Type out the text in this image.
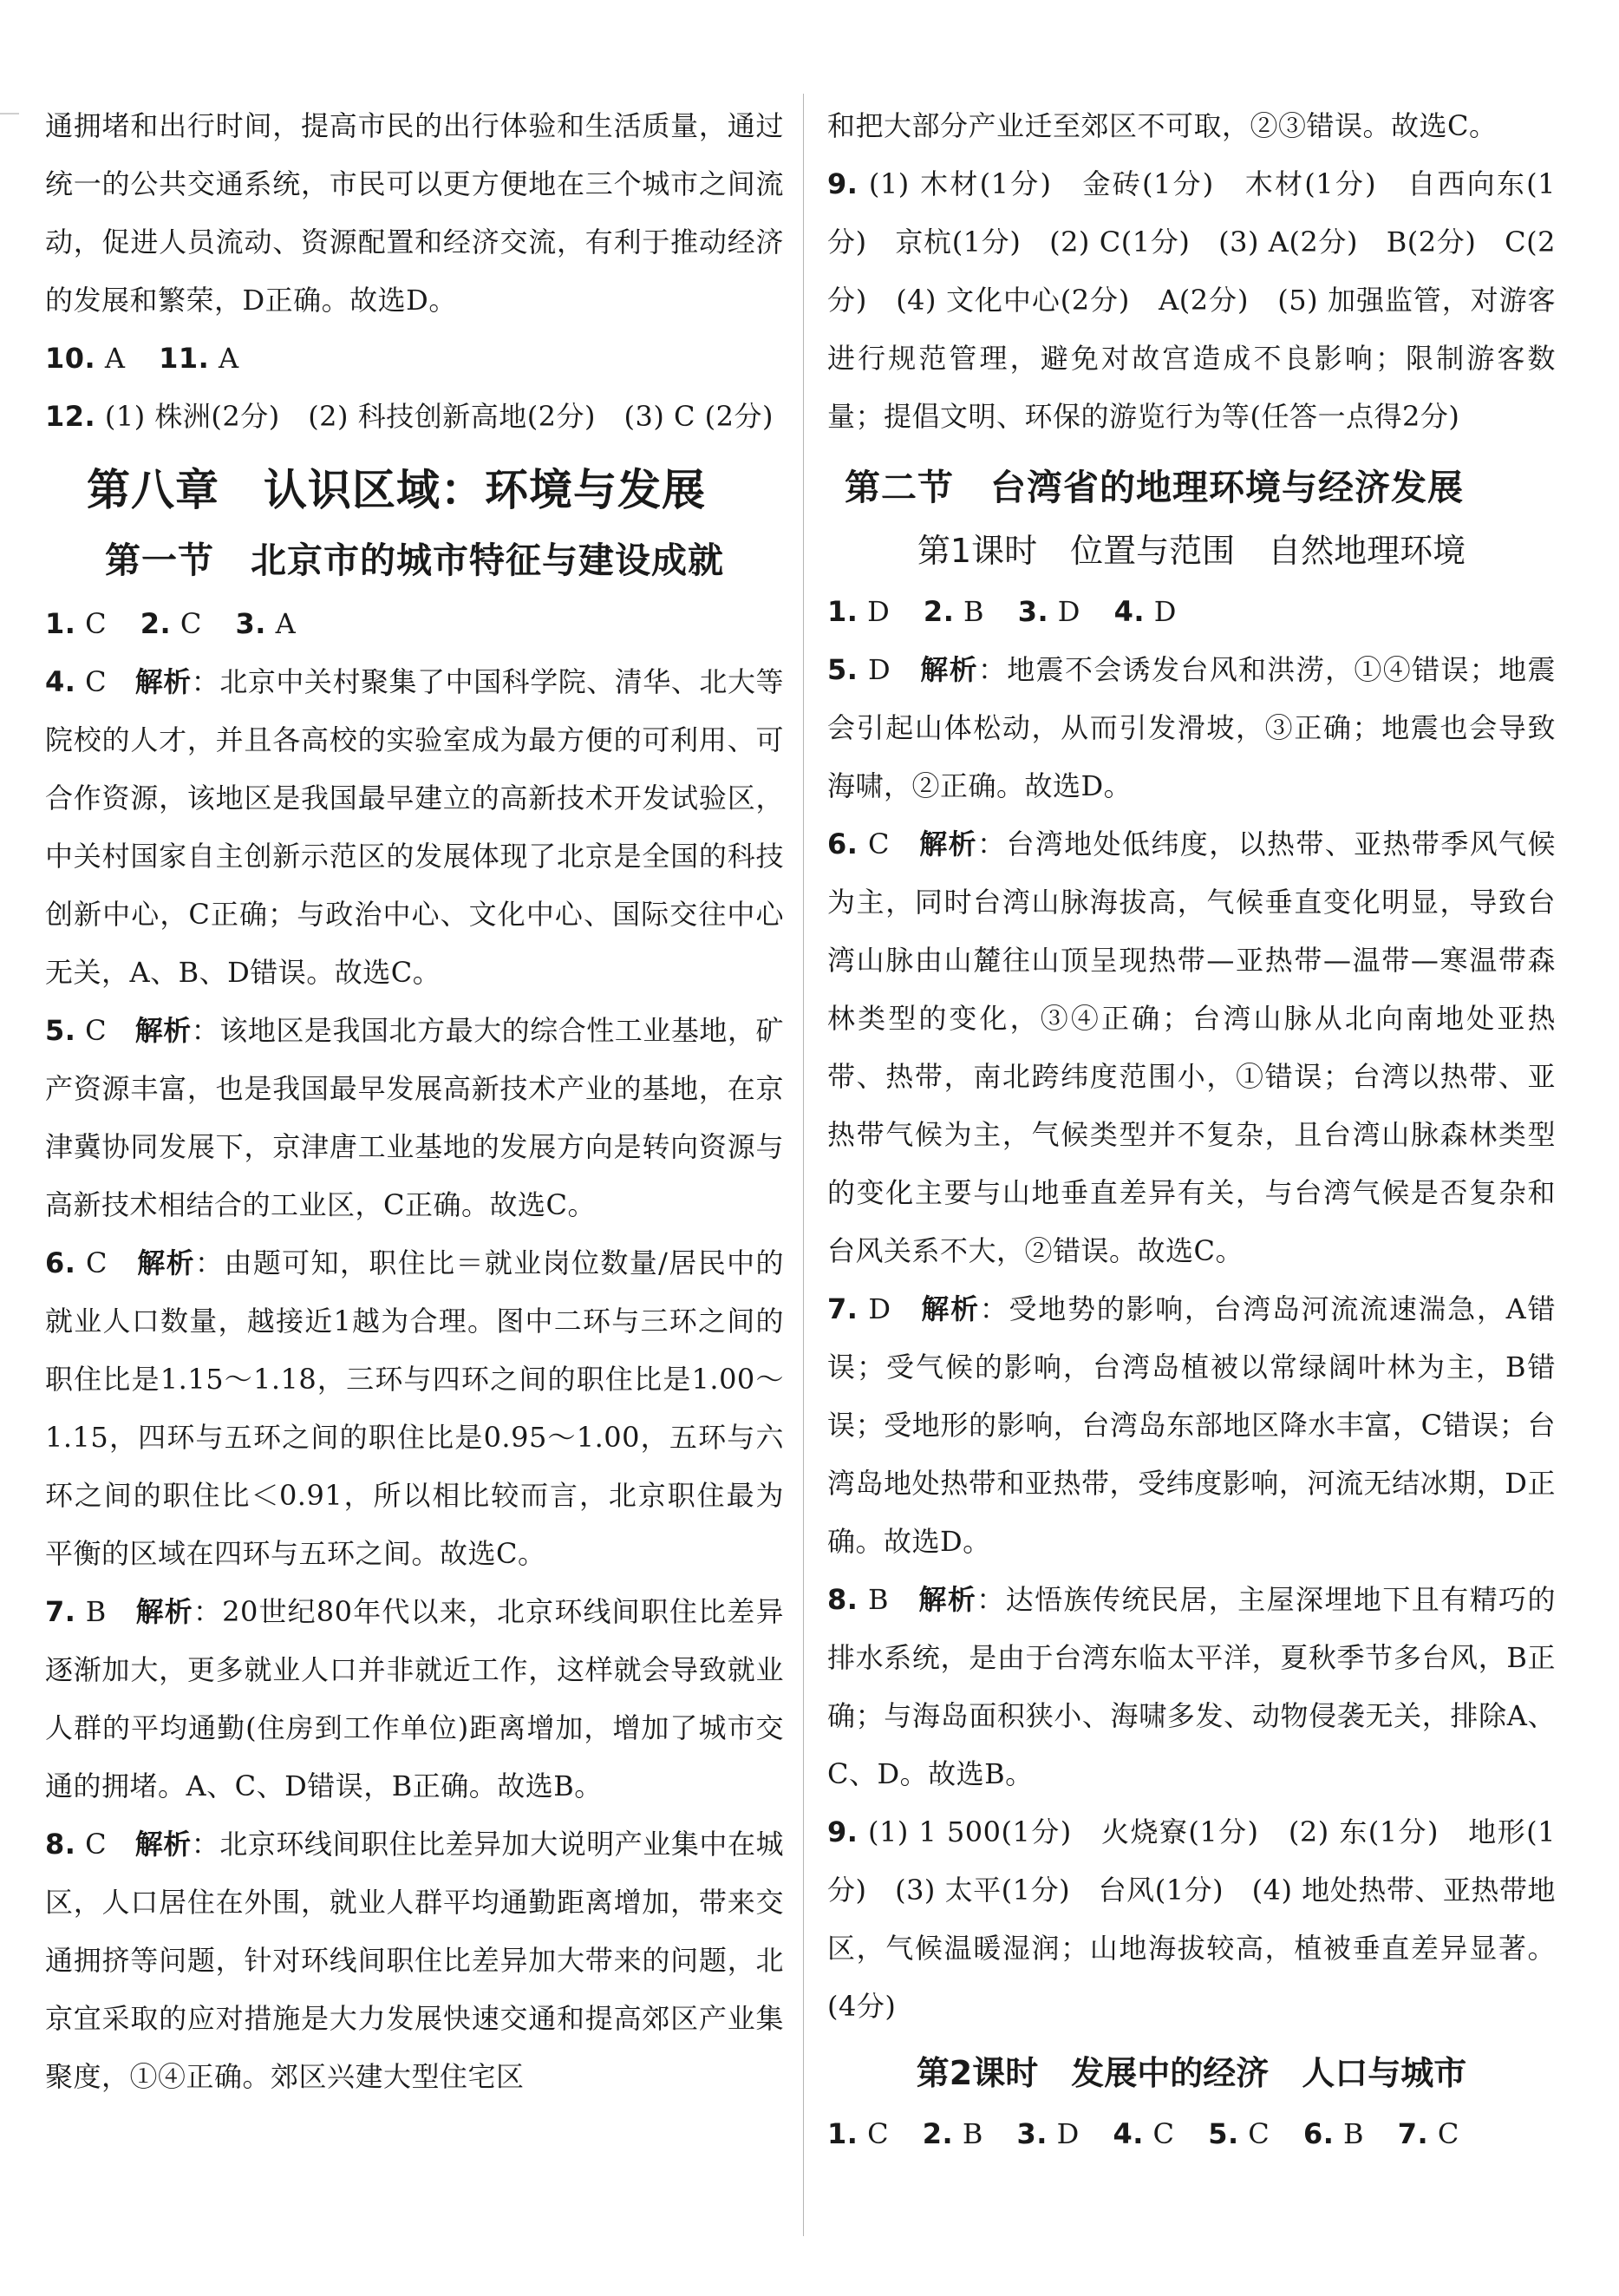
通拥堵和出行时间，提高市民的出行体验和生活质量，通过统一的公共交通系统，市民可以更方便地在三个城市之间流动，促进人员流动、资源配置和经济交流，有利于推动经济的发展和繁荣，D正确。故选D。

10. A 11. A

12. (1) 株洲(2分)　(2) 科技创新高地(2分)　(3) C (2分)

第八章　认识区域：环境与发展
第一节　北京市的城市特征与建设成就

1. C 2. C 3. A

4. C　 解析：北京中关村聚集了中国科学院、清华、北大等院校的人才，并且各高校的实验室成为最方便的可利用、可合作资源，该地区是我国最早建立的高新技术开发试验区，中关村国家自主创新示范区的发展体现了北京是全国的科技创新中心，C正确；与政治中心、文化中心、国际交往中心无关，A、B、D错误。故选C。

5. C　 解析：该地区是我国北方最大的综合性工业基地，矿产资源丰富，也是我国最早发展高新技术产业的基地，在京津冀协同发展下，京津唐工业基地的发展方向是转向资源与高新技术相结合的工业区，C正确。故选C。

6. C　 解析：由题可知，职住比＝就业岗位数量/居民中的就业人口数量，越接近1越为合理。图中二环与三环之间的职住比是1.15～1.18，三环与四环之间的职住比是1.00～1.15，四环与五环之间的职住比是0.95～1.00，五环与六环之间的职住比＜0.91，所以相比较而言，北京职住最为平衡的区域在四环与五环之间。故选C。

7. B　 解析：20世纪80年代以来，北京环线间职住比差异逐渐加大，更多就业人口并非就近工作，这样就会导致就业人群的平均通勤(住房到工作单位)距离增加，增加了城市交通的拥堵。A、C、D错误，B正确。故选B。

8. C　 解析：北京环线间职住比差异加大说明产业集中在城区，人口居住在外围，就业人群平均通勤距离增加，带来交通拥挤等问题，针对环线间职住比差异加大带来的问题，北京宜采取的应对措施是大力发展快速交通和提高郊区产业集聚度，①④正确。郊区兴建大型住宅区

和把大部分产业迁至郊区不可取，②③错误。故选C。

9. (1) 木材(1分)　金砖(1分)　木材(1分)　自西向东(1分)　京杭(1分)　(2) C(1分)　(3) A(2分)　B(2分)　C(2分)　(4) 文化中心(2分)　A(2分)　(5) 加强监管，对游客进行规范管理，避免对故宫造成不良影响；限制游客数量；提倡文明、环保的游览行为等(任答一点得2分)

第二节　台湾省的地理环境与经济发展
第1课时　位置与范围　自然地理环境

1. D 2. B 3. D 4. D

5. D　 解析：地震不会诱发台风和洪涝，①④错误；地震会引起山体松动，从而引发滑坡，③正确；地震也会导致海啸，②正确。故选D。

6. C　 解析：台湾地处低纬度，以热带、亚热带季风气候为主，同时台湾山脉海拔高，气候垂直变化明显，导致台湾山脉由山麓往山顶呈现热带—亚热带—温带—寒温带森林类型的变化，③④正确；台湾山脉从北向南地处亚热带、热带，南北跨纬度范围小，①错误；台湾以热带、亚热带气候为主，气候类型并不复杂，且台湾山脉森林类型的变化主要与山地垂直差异有关，与台湾气候是否复杂和台风关系不大，②错误。故选C。

7. D　 解析：受地势的影响，台湾岛河流流速湍急，A错误；受气候的影响，台湾岛植被以常绿阔叶林为主，B错误；受地形的影响，台湾岛东部地区降水丰富，C错误；台湾岛地处热带和亚热带，受纬度影响，河流无结冰期，D正确。故选D。

8. B　 解析：达悟族传统民居，主屋深埋地下且有精巧的排水系统，是由于台湾东临太平洋，夏秋季节多台风，B正确；与海岛面积狭小、海啸多发、动物侵袭无关，排除A、C、D。故选B。

9. (1) 1 500(1分)　火烧寮(1分)　(2) 东(1分)　地形(1分)　(3) 太平(1分)　台风(1分)　(4) 地处热带、亚热带地区，气候温暖湿润；山地海拔较高，植被垂直差异显著。(4分)

第2课时　发展中的经济　人口与城市

1. C 2. B 3. D 4. C 5. C 6. B 7. C
